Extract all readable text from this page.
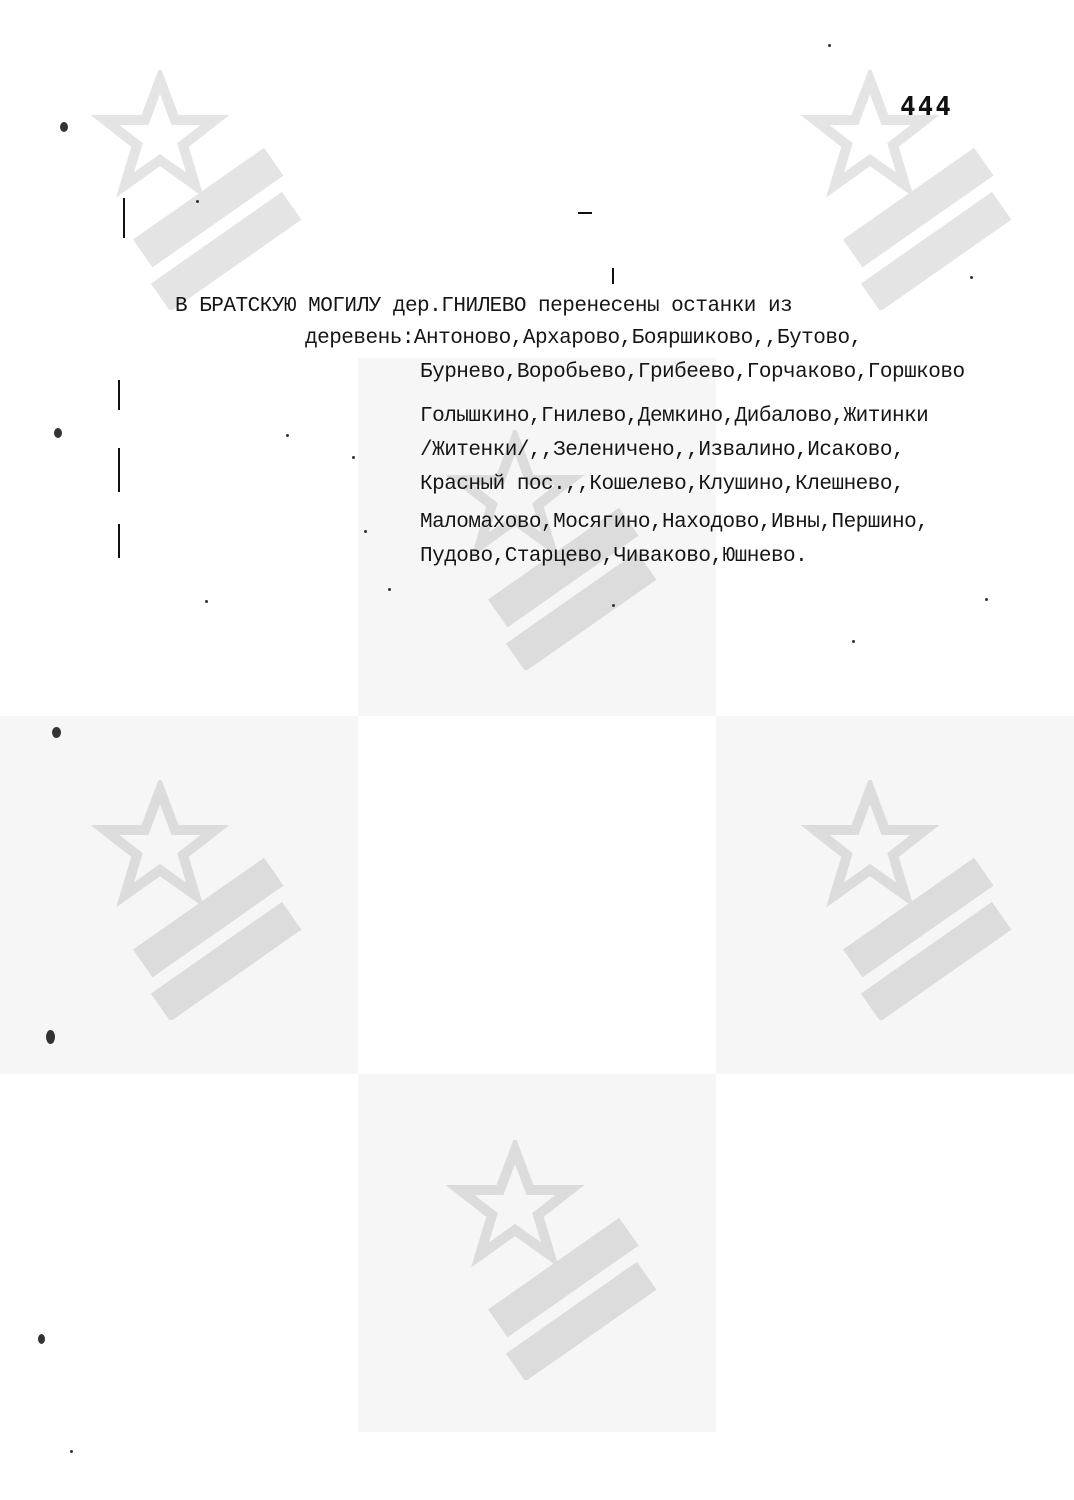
444
В БРАТСКУЮ МОГИЛУ дер.ГНИЛЕВО перенесены останки из
деревень:Антоново,Архарово,Бояршиково,,Бутово,
Бурнево,Воробьево,Грибеево,Горчаково,Горшково
Голышкино,Гнилево,Демкино,Дибалово,Житинки
/Житенки/,,Зеленичено,,Извалино,Исаково,
Красный пос.,,Кошелево,Клушино,Клешнево,
Маломахово,Мосягино,Находово,Ивны,Першино,
Пудово,Старцево,Чиваково,Юшнево.
